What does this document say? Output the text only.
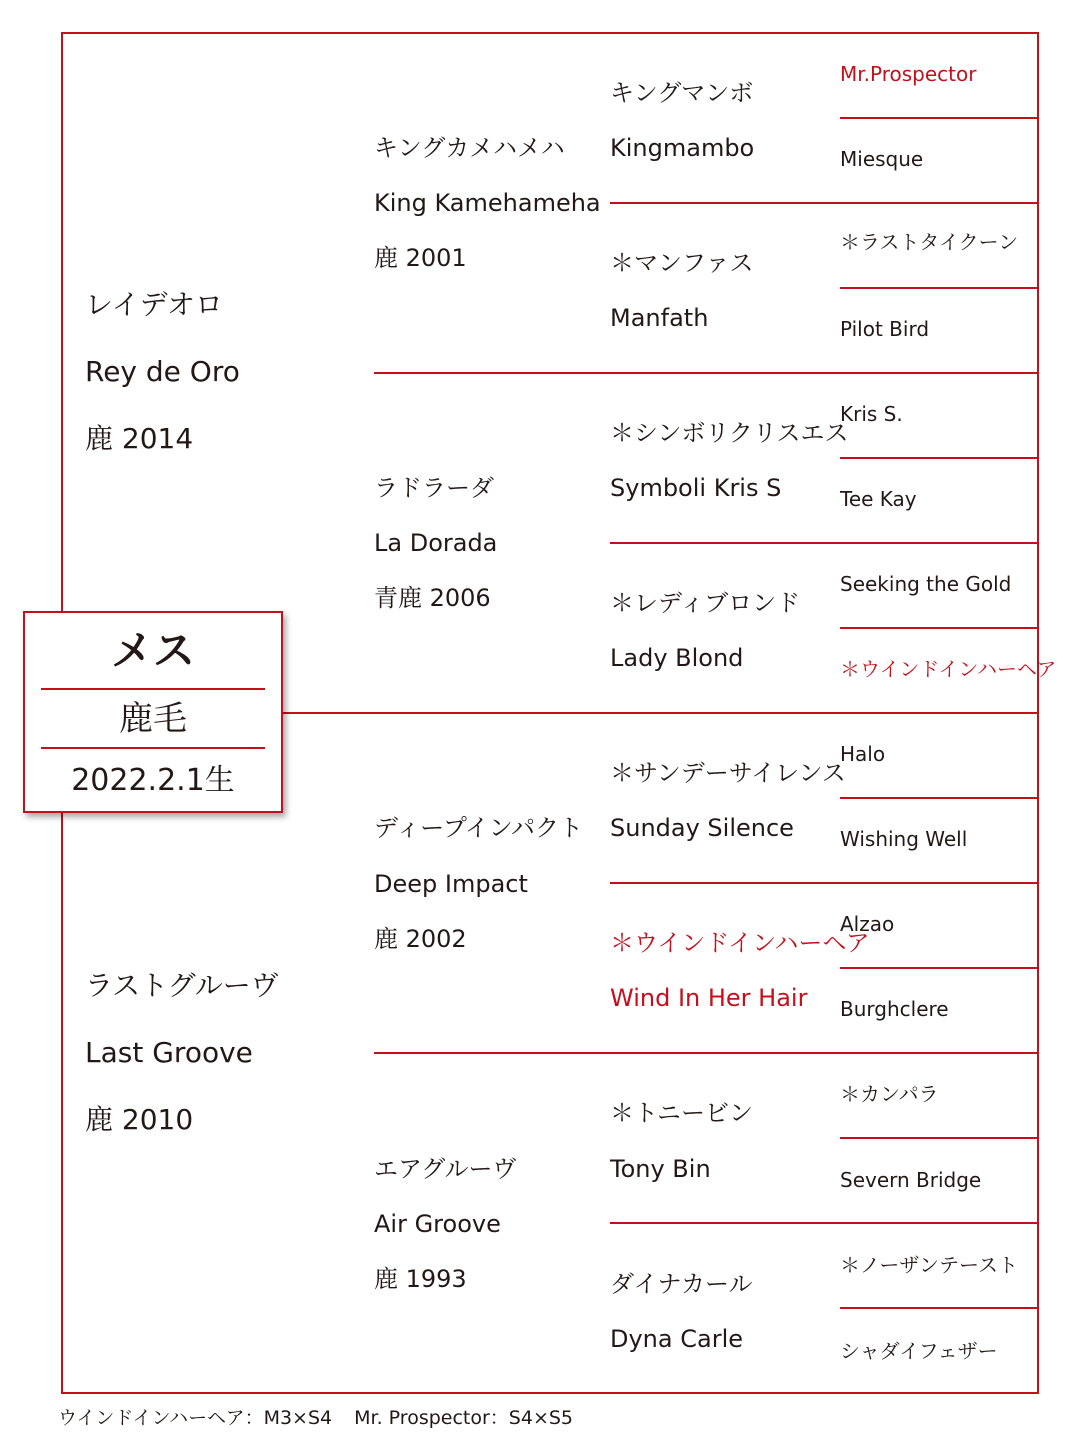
レイデオロ
Rey de Oro
鹿 2014
ラストグルーヴ
Last Groove
鹿 2010
キングカメハメハ
King Kamehameha
鹿 2001
ラドラーダ
La Dorada
青鹿 2006
ディープインパクト
Deep Impact
鹿 2002
エアグルーヴ
Air Groove
鹿 1993
キングマンボ
Kingmambo
＊マンファス
Manfath
＊シンボリクリスエス
Symboli Kris S
＊レディブロンド
Lady Blond
＊サンデーサイレンス
Sunday Silence
＊ウインドインハーヘア
Wind In Her Hair
＊トニービン
Tony Bin
ダイナカール
Dyna Carle
Mr.Prospector
Miesque
＊ラストタイクーン
Pilot Bird
Kris S.
Tee Kay
Seeking the Gold
＊ウインドインハーヘア
Halo
Wishing Well
Alzao
Burghclere
＊カンパラ
Severn Bridge
＊ノーザンテースト
シャダイフェザー
メス
鹿毛
2022.2.1生
ウインドインハーヘア：M3×S4 Mr. Prospector：S4×S5
